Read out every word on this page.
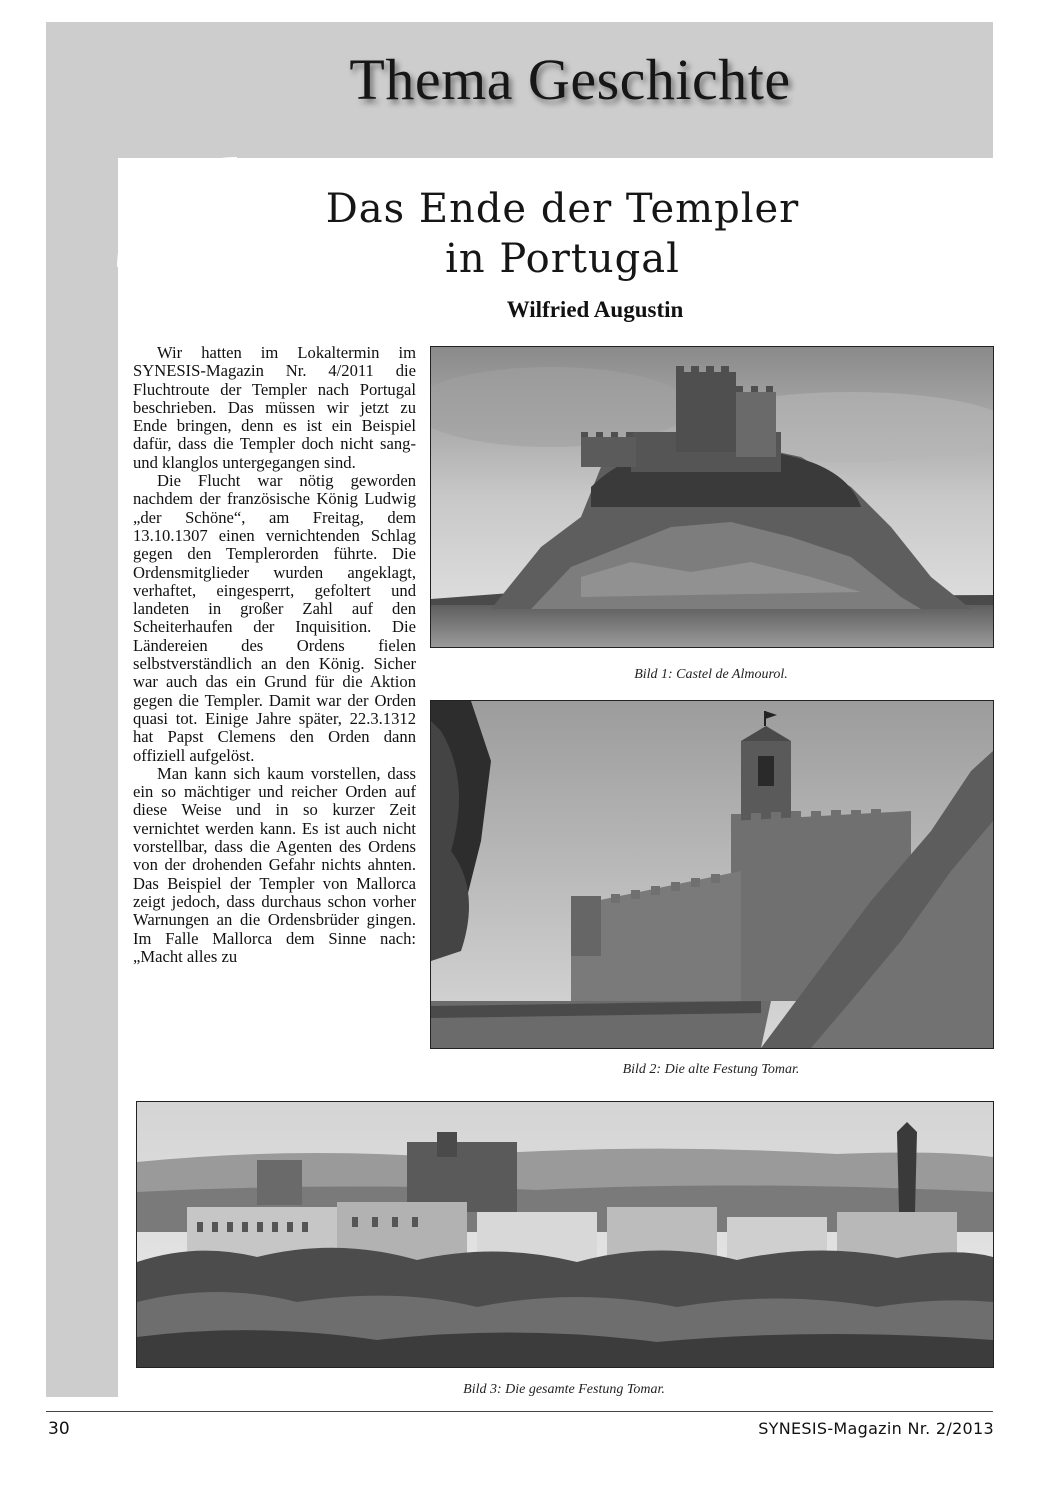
Thema Geschichte
Das Ende der Templer
in Portugal
Wilfried Augustin

Wir hatten im Lokaltermin im SYNESIS-Magazin Nr. 4/2011 die Fluchtroute der Templer nach Portugal beschrieben. Das müssen wir jetzt zu Ende bringen, denn es ist ein Beispiel dafür, dass die Templer doch nicht sang- und klanglos untergegangen sind.

Die Flucht war nötig geworden nachdem der französische König Ludwig „der Schöne“, am Freitag, dem 13.10.1307 einen vernichtenden Schlag gegen den Templerorden führte. Die Ordensmitglieder wurden angeklagt, verhaftet, eingesperrt, gefoltert und landeten in großer Zahl auf den Scheiterhaufen der Inquisition. Die Ländereien des Ordens fielen selbstverständlich an den König. Sicher war auch das ein Grund für die Aktion gegen die Templer. Damit war der Orden quasi tot. Einige Jahre später, 22.3.1312 hat Papst Clemens den Orden dann offiziell aufgelöst.

Man kann sich kaum vorstellen, dass ein so mächtiger und reicher Orden auf diese Weise und in so kurzer Zeit vernichtet werden kann. Es ist auch nicht vorstellbar, dass die Agenten des Ordens von der drohenden Gefahr nichts ahnten. Das Beispiel der Templer von Mallorca zeigt jedoch, dass durchaus schon vorher Warnungen an die Ordensbrüder gingen. Im Falle Mallorca dem Sinne nach: „Macht alles zu

Bild 1: Castel de Almourol.
Bild 2: Die alte Festung Tomar.
Bild 3: Die gesamte Festung Tomar.
30	SYNESIS-Magazin Nr. 2/2013
